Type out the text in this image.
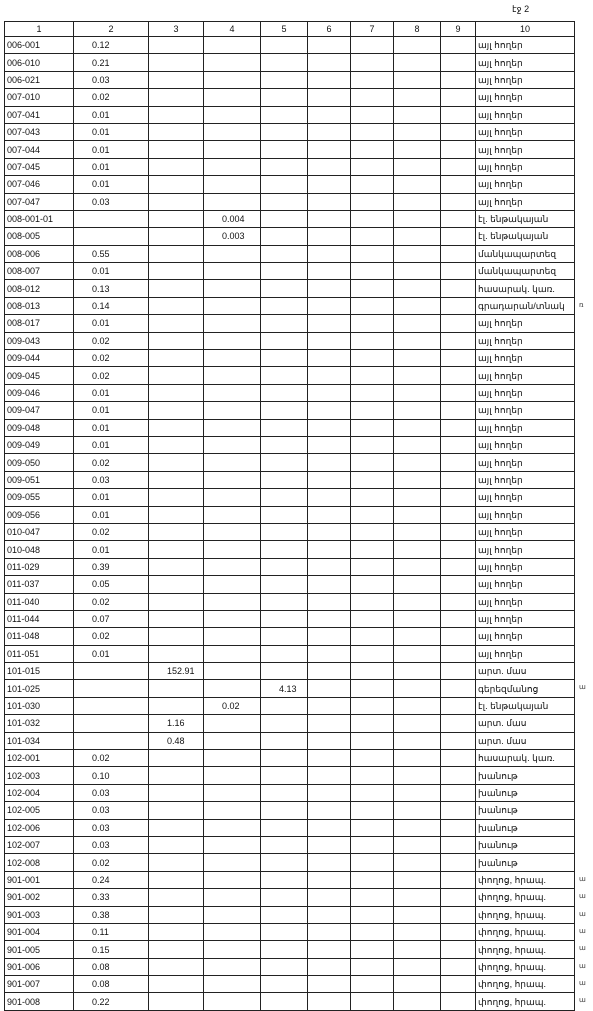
էջ 2
1	2	3	4	5	6	7	8	9	10
006-001	0.12								այլ հողեր
006-010	0.21								այլ հողեր
006-021	0.03								այլ հողեր
007-010	0.02								այլ հողեր
007-041	0.01								այլ հողեր
007-043	0.01								այլ հողեր
007-044	0.01								այլ հողեր
007-045	0.01								այլ հողեր
007-046	0.01								այլ հողեր
007-047	0.03								այլ հողեր
008-001-01			0.004						էլ. ենթակայան
008-005			0.003						էլ. ենթակայան
008-006	0.55								մանկապարտեզ
008-007	0.01								մանկապարտեզ
008-012	0.13								հասարակ. կառ.
008-013	0.14								գրադարան/տնակ
008-017	0.01								այլ հողեր
009-043	0.02								այլ հողեր
009-044	0.02								այլ հողեր
009-045	0.02								այլ հողեր
009-046	0.01								այլ հողեր
009-047	0.01								այլ հողեր
009-048	0.01								այլ հողեր
009-049	0.01								այլ հողեր
009-050	0.02								այլ հողեր
009-051	0.03								այլ հողեր
009-055	0.01								այլ հողեր
009-056	0.01								այլ հողեր
010-047	0.02								այլ հողեր
010-048	0.01								այլ հողեր
011-029	0.39								այլ հողեր
011-037	0.05								այլ հողեր
011-040	0.02								այլ հողեր
011-044	0.07								այլ հողեր
011-048	0.02								այլ հողեր
011-051	0.01								այլ հողեր
101-015		152.91							արտ. մաս
101-025				4.13					գերեզմանոց
101-030			0.02						էլ. ենթակայան
101-032		1.16							արտ. մաս
101-034		0.48							արտ. մաս
102-001	0.02								հասարակ. կառ.
102-003	0.10								խանութ
102-004	0.03								խանութ
102-005	0.03								խանութ
102-006	0.03								խանութ
102-007	0.03								խանութ
102-008	0.02								խանութ
901-001	0.24								փողոց, հրապ.
901-002	0.33								փողոց, հրապ.
901-003	0.38								փողոց, հրապ.
901-004	0.11								փողոց, հրապ.
901-005	0.15								փողոց, հրապ.
901-006	0.08								փողոց, հրապ.
901-007	0.08								փողոց, հրապ.
901-008	0.22								փողոց, հրապ.
ռ
ա
ա
ա
ա
ա
ա
ա
ա
ա
